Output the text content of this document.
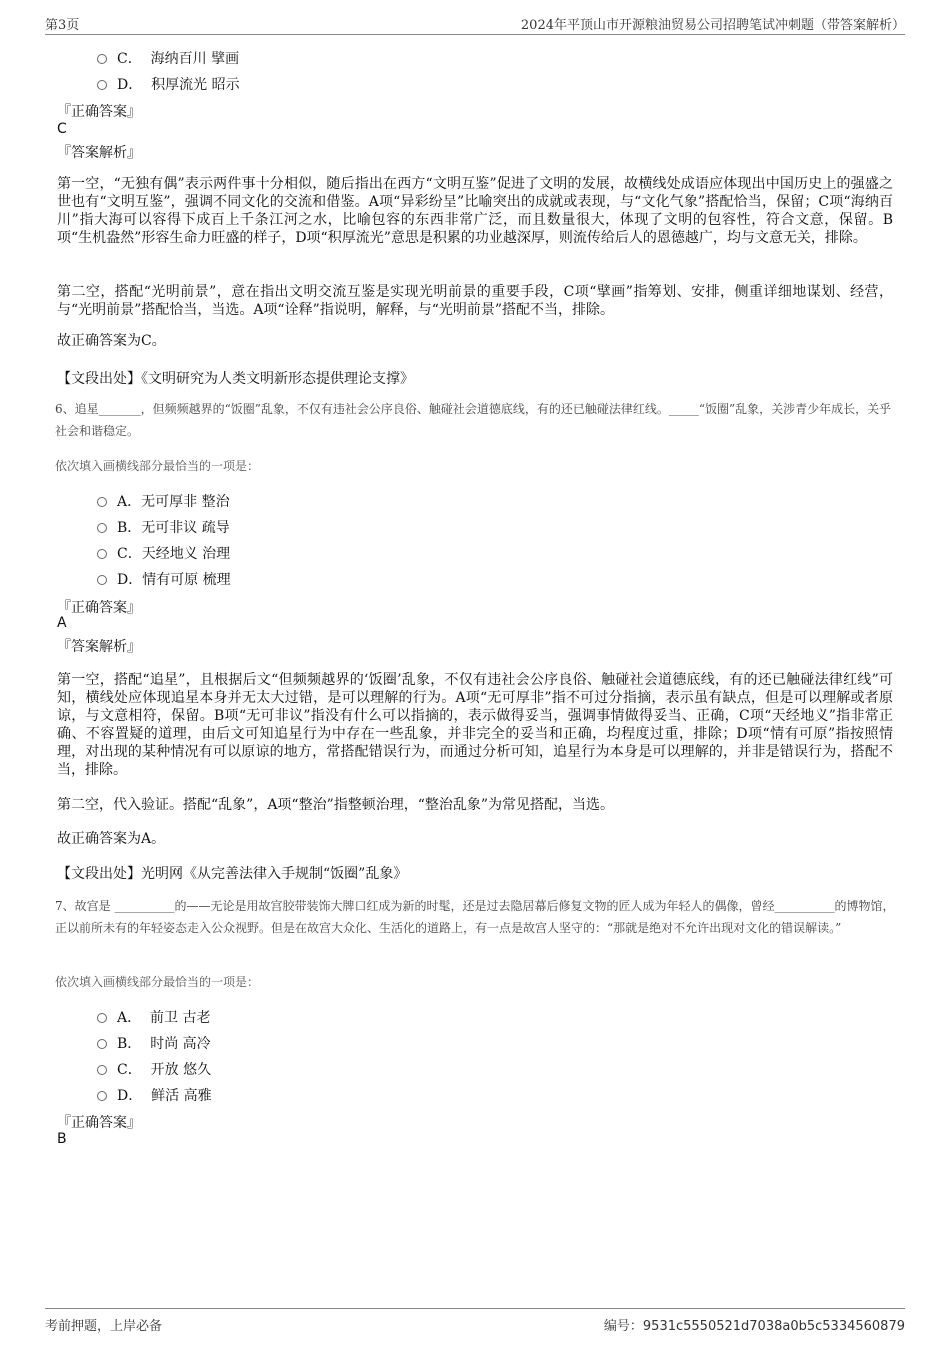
第3页	2024年平顶山市开源粮油贸易公司招聘笔试冲刺题（带答案解析）
C． 海纳百川 擘画
D． 积厚流光 昭示
『正确答案』
C
『答案解析』
第一空，“无独有偶”表示两件事十分相似，随后指出在西方“文明互鉴”促进了文明的发展，故横线处成语应体现出中国历史上的强盛之世也有“文明互鉴”，强调不同文化的交流和借鉴。A项“异彩纷呈”比喻突出的成就或表现，与“文化气象”搭配恰当，保留；C项“海纳百川”指大海可以容得下成百上千条江河之水，比喻包容的东西非常广泛，而且数量很大，体现了文明的包容性，符合文意，保留。B项“生机盎然”形容生命力旺盛的样子，D项“积厚流光”意思是积累的功业越深厚，则流传给后人的恩德越广，均与文意无关，排除。
第二空，搭配“光明前景”，意在指出文明交流互鉴是实现光明前景的重要手段，C项“擘画”指筹划、安排，侧重详细地谋划、经营，与“光明前景”搭配恰当，当选。A项“诠释”指说明，解释，与“光明前景”搭配不当，排除。
故正确答案为C。
【文段出处】《文明研究为人类文明新形态提供理论支撑》
6、追星_______，但频频越界的“饭圈”乱象，不仅有违社会公序良俗、触碰社会道德底线，有的还已触碰法律红线。_____“饭圈”乱象，关涉青少年成长，关乎社会和谐稳定。
依次填入画横线部分最恰当的一项是：
A．无可厚非 整治
B．无可非议 疏导
C．天经地义 治理
D．情有可原 梳理
『正确答案』
A
『答案解析』
第一空，搭配“追星”，且根据后文“但频频越界的‘饭圈’乱象，不仅有违社会公序良俗、触碰社会道德底线，有的还已触碰法律红线”可知，横线处应体现追星本身并无太大过错，是可以理解的行为。A项“无可厚非”指不可过分指摘，表示虽有缺点，但是可以理解或者原谅，与文意相符，保留。B项“无可非议”指没有什么可以指摘的，表示做得妥当，强调事情做得妥当、正确，C项“天经地义”指非常正确、不容置疑的道理，由后文可知追星行为中存在一些乱象，并非完全的妥当和正确，均程度过重，排除；D项“情有可原”指按照情理，对出现的某种情况有可以原谅的地方，常搭配错误行为，而通过分析可知，追星行为本身是可以理解的，并非是错误行为，搭配不当，排除。
第二空，代入验证。搭配“乱象”，A项“整治”指整顿治理，“整治乱象”为常见搭配，当选。
故正确答案为A。
【文段出处】光明网《从完善法律入手规制“饭圈”乱象》
7、故宫是 __________的——无论是用故宫胶带装饰大牌口红成为新的时髦，还是过去隐居幕后修复文物的匠人成为年轻人的偶像，曾经__________的博物馆，正以前所未有的年轻姿态走入公众视野。但是在故宫大众化、生活化的道路上，有一点是故宫人坚守的：“那就是绝对不允许出现对文化的错误解读。”
依次填入画横线部分最恰当的一项是：
A． 前卫 古老
B． 时尚 高冷
C． 开放 悠久
D． 鲜活 高雅
『正确答案』
B
考前押题，上岸必备	编号：9531c5550521d7038a0b5c5334560879
